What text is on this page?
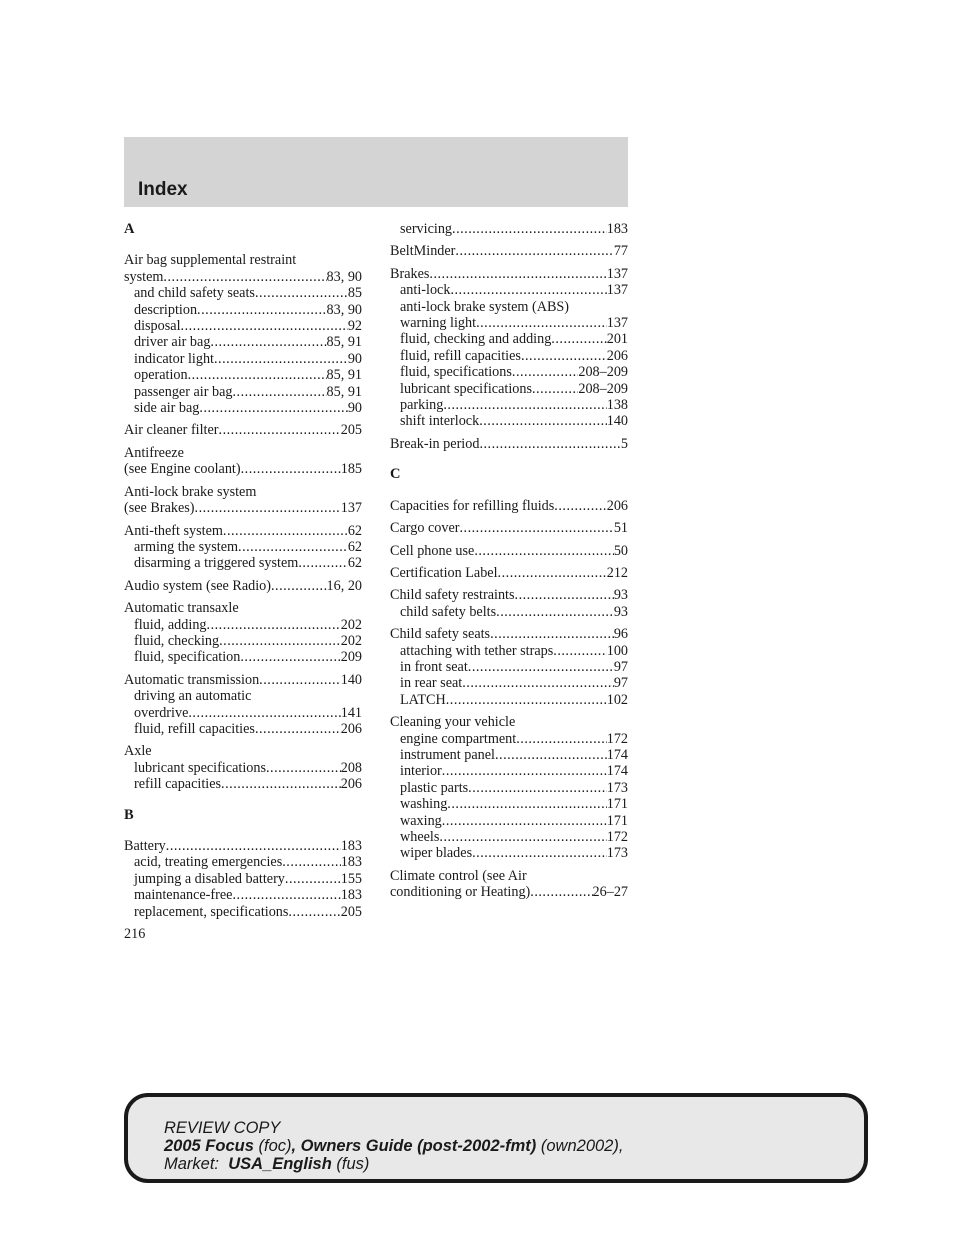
Index
A
Air bag supplemental restraint
system .....	83, 90
and child safety seats .....	85
description .....	83, 90
disposal .....	92
driver air bag .....	85, 91
indicator light .....	90
operation .....	85, 91
passenger air bag .....	85, 91
side air bag .....	90
Air cleaner filter .....	205
Antifreeze
(see Engine coolant) .....	185
Anti-lock brake system
(see Brakes) .....	137
Anti-theft system .....	62
arming the system .....	62
disarming a triggered system .....	62
Audio system (see Radio) .....	16, 20
Automatic transaxle
fluid, adding .....	202
fluid, checking .....	202
fluid, specification .....	209
Automatic transmission .....	140
driving an automatic
overdrive .....	141
fluid, refill capacities .....	206
Axle
lubricant specifications .....	208
refill capacities .....	206
B
Battery .....	183
acid, treating emergencies .....	183
jumping a disabled battery .....	155
maintenance-free .....	183
replacement, specifications .....	205
servicing .....	183
BeltMinder .....	77
Brakes .....	137
anti-lock .....	137
anti-lock brake system (ABS)
warning light .....	137
fluid, checking and adding .....	201
fluid, refill capacities .....	206
fluid, specifications .....	208–209
lubricant specifications .....	208–209
parking .....	138
shift interlock .....	140
Break-in period .....	5
C
Capacities for refilling fluids .....	206
Cargo cover .....	51
Cell phone use .....	50
Certification Label .....	212
Child safety restraints .....	93
child safety belts .....	93
Child safety seats .....	96
attaching with tether straps .....	100
in front seat .....	97
in rear seat .....	97
LATCH .....	102
Cleaning your vehicle
engine compartment .....	172
instrument panel .....	174
interior .....	174
plastic parts .....	173
washing .....	171
waxing .....	171
wheels .....	172
wiper blades .....	173
Climate control (see Air
conditioning or Heating) .....	26–27
216
REVIEW COPY
2005 Focus (foc), Owners Guide (post-2002-fmt) (own2002),
Market: USA_English (fus)
